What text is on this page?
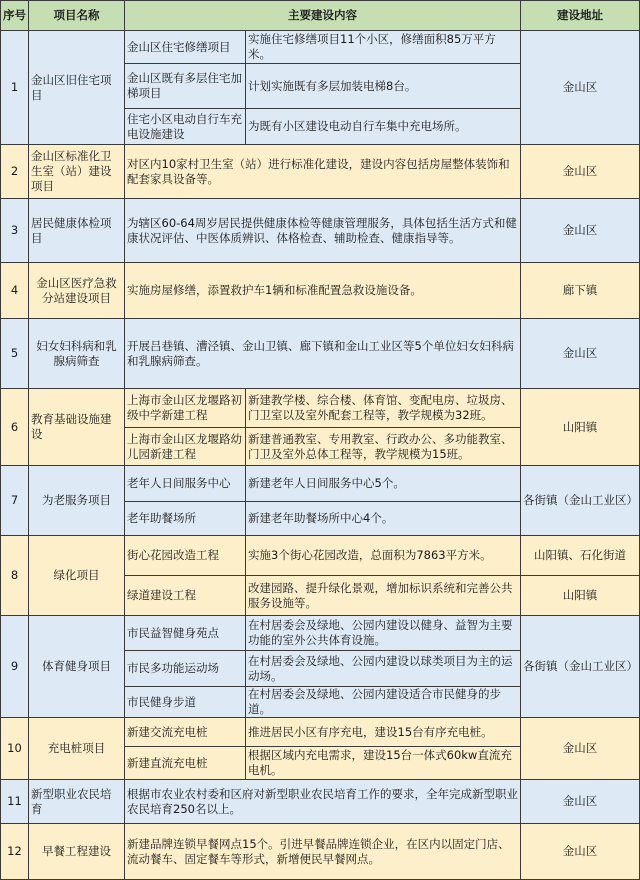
序号	项目名称	主要建设内容		建设地址
1	金山区旧住宅项目	金山区住宅修缮项目	实施住宅修缮项目11个小区，修缮面积85万平方米。	金山区
		金山区既有多层住宅加梯项目	计划实施既有多层加装电梯8台。	
		住宅小区电动自行车充电设施建设	为既有小区建设电动自行车集中充电场所。	
2	金山区标准化卫生室（站）建设项目	对区内10家村卫生室（站）进行标准化建设，建设内容包括房屋整体装饰和配套家具设备等。		金山区
3	居民健康体检项目	为辖区60-64周岁居民提供健康体检等健康管理服务，具体包括生活方式和健康状况评估、中医体质辨识、体格检查、辅助检查、健康指导等。		金山区
4	金山区医疗急救分站建设项目	实施房屋修缮，添置救护车1辆和标准配置急救设施设备。		廊下镇
5	妇女妇科病和乳腺病筛查	开展吕巷镇、漕泾镇、金山卫镇、廊下镇和金山工业区等5个单位妇女妇科病和乳腺病筛查。		金山区
6	教育基础设施建设	上海市金山区龙堰路初级中学新建工程	新建教学楼、综合楼、体育馆、变配电房、垃圾房、门卫室以及室外配套工程等，教学规模为32班。	山阳镇
		上海市金山区龙堰路幼儿园新建工程	新建普通教室、专用教室、行政办公、多功能教室、门卫及室外总体工程等，教学规模为15班。	
7	为老服务项目	老年人日间服务中心	新建老年人日间服务中心5个。	各街镇（金山工业区）
		老年助餐场所	新建老年助餐场所中心4个。	
8	绿化项目	街心花园改造工程	实施3个街心花园改造，总面积为7863平方米。	山阳镇、石化街道
		绿道建设工程	改建园路、提升绿化景观，增加标识系统和完善公共服务设施等。	山阳镇
9	体育健身项目	市民益智健身苑点	在村居委会及绿地、公园内建设以健身、益智为主要功能的室外公共体育设施。	各街镇（金山工业区）
		市民多功能运动场	在村居委会及绿地、公园内建设以球类项目为主的运动场。	
		市民健身步道	在村居委会及绿地、公园内建设适合市民健身的步道。	
10	充电桩项目	新建交流充电桩	推进居民小区有序充电，建设15台有序充电桩。	金山区
		新建直流充电桩	根据区域内充电需求，建设15台一体式60kw直流充电机。	
11	新型职业农民培育	根据市农业农村委和区府对新型职业农民培育工作的要求，全年完成新型职业农民培育250名以上。		金山区
12	早餐工程建设	新建品牌连锁早餐网点15个。引进早餐品牌连锁企业，在区内以固定门店、流动餐车、固定餐车等形式，新增便民早餐网点。		金山区
